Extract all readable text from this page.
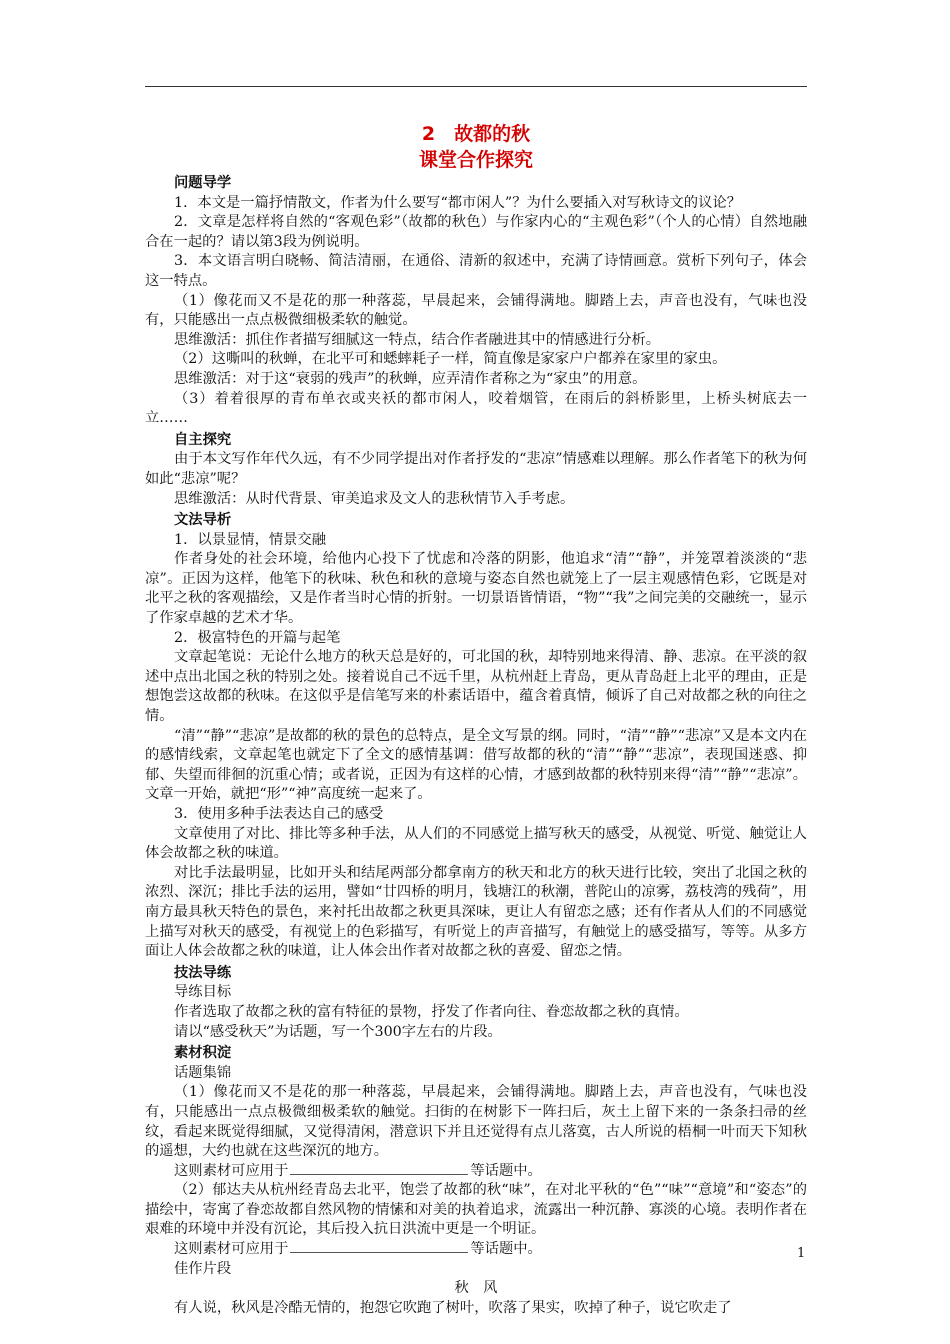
2　故都的秋
课堂合作探究
问题导学

1．本文是一篇抒情散文，作者为什么要写“都市闲人”？为什么要插入对写秋诗文的议论？

2．文章是怎样将自然的“客观色彩”（故都的秋色）与作家内心的“主观色彩”（个人的心情）自然地融合在一起的？请以第3段为例说明。

3．本文语言明白晓畅、简洁清丽，在通俗、清新的叙述中，充满了诗情画意。赏析下列句子，体会这一特点。

（1）像花而又不是花的那一种落蕊，早晨起来，会铺得满地。脚踏上去，声音也没有，气味也没有，只能感出一点点极微细极柔软的触觉。

思维激活：抓住作者描写细腻这一特点，结合作者融进其中的情感进行分析。

（2）这嘶叫的秋蝉，在北平可和蟋蟀耗子一样，简直像是家家户户都养在家里的家虫。

思维激活：对于这“衰弱的残声”的秋蝉，应弄清作者称之为“家虫”的用意。

（3）着着很厚的青布单衣或夹袄的都市闲人，咬着烟管，在雨后的斜桥影里，上桥头树底去一立……

自主探究

由于本文写作年代久远，有不少同学提出对作者抒发的“悲凉”情感难以理解。那么作者笔下的秋为何如此“悲凉”呢？

思维激活：从时代背景、审美追求及文人的悲秋情节入手考虑。

文法导析

1．以景显情，情景交融

作者身处的社会环境，给他内心投下了忧虑和冷落的阴影，他追求“清”“静”，并笼罩着淡淡的“悲凉”。正因为这样，他笔下的秋味、秋色和秋的意境与姿态自然也就笼上了一层主观感情色彩，它既是对北平之秋的客观描绘，又是作者当时心情的折射。一切景语皆情语，“物”“我”之间完美的交融统一，显示了作家卓越的艺术才华。

2．极富特色的开篇与起笔

文章起笔说：无论什么地方的秋天总是好的，可北国的秋，却特别地来得清、静、悲凉。在平淡的叙述中点出北国之秋的特别之处。接着说自己不远千里，从杭州赶上青岛，更从青岛赶上北平的理由，正是想饱尝这故都的秋味。在这似乎是信笔写来的朴素话语中，蕴含着真情，倾诉了自己对故都之秋的向往之情。

“清”“静”“悲凉”是故都的秋的景色的总特点，是全文写景的纲。同时，“清”“静”“悲凉”又是本文内在的感情线索，文章起笔也就定下了全文的感情基调：借写故都的秋的“清”“静”“悲凉”，表现国迷惑、抑郁、失望而徘徊的沉重心情；或者说，正因为有这样的心情，才感到故都的秋特别来得“清”“静”“悲凉”。文章一开始，就把“形”“神”高度统一起来了。

3．使用多种手法表达自己的感受

文章使用了对比、排比等多种手法，从人们的不同感觉上描写秋天的感受，从视觉、听觉、触觉让人体会故都之秋的味道。

对比手法最明显，比如开头和结尾两部分都拿南方的秋天和北方的秋天进行比较，突出了北国之秋的浓烈、深沉；排比手法的运用，譬如“廿四桥的明月，钱塘江的秋潮，普陀山的凉雾，荔枝湾的残荷”，用南方最具秋天特色的景色，来衬托出故都之秋更具深味，更让人有留恋之感；还有作者从人们的不同感觉上描写对秋天的感受，有视觉上的色彩描写，有听觉上的声音描写，有触觉上的感受描写，等等。从多方面让人体会故都之秋的味道，让人体会出作者对故都之秋的喜爱、留恋之情。

技法导练

导练目标

作者选取了故都之秋的富有特征的景物，抒发了作者向往、眷恋故都之秋的真情。

请以“感受秋天”为话题，写一个300字左右的片段。

素材积淀

话题集锦

（1）像花而又不是花的那一种落蕊，早晨起来，会铺得满地。脚踏上去，声音也没有，气味也没有，只能感出一点点极微细极柔软的触觉。扫街的在树影下一阵扫后，灰土上留下来的一条条扫帚的丝纹，看起来既觉得细腻，又觉得清闲，潜意识下并且还觉得有点儿落寞，古人所说的梧桐一叶而天下知秋的遥想，大约也就在这些深沉的地方。

这则素材可应用于	等话题中。

（2）郁达夫从杭州经青岛去北平，饱尝了故都的秋“味”，在对北平秋的“色”“味”“意境”和“姿态”的描绘中，寄寓了眷恋故都自然风物的情愫和对美的执着追求，流露出一种沉静、寡淡的心境。表明作者在艰难的环境中并没有沉论，其后投入抗日洪流中更是一个明证。

这则素材可应用于	等话题中。

佳作片段

秋　风

有人说，秋风是冷酷无情的，抱怨它吹跑了树叶，吹落了果实，吹掉了种子，说它吹走了

1
